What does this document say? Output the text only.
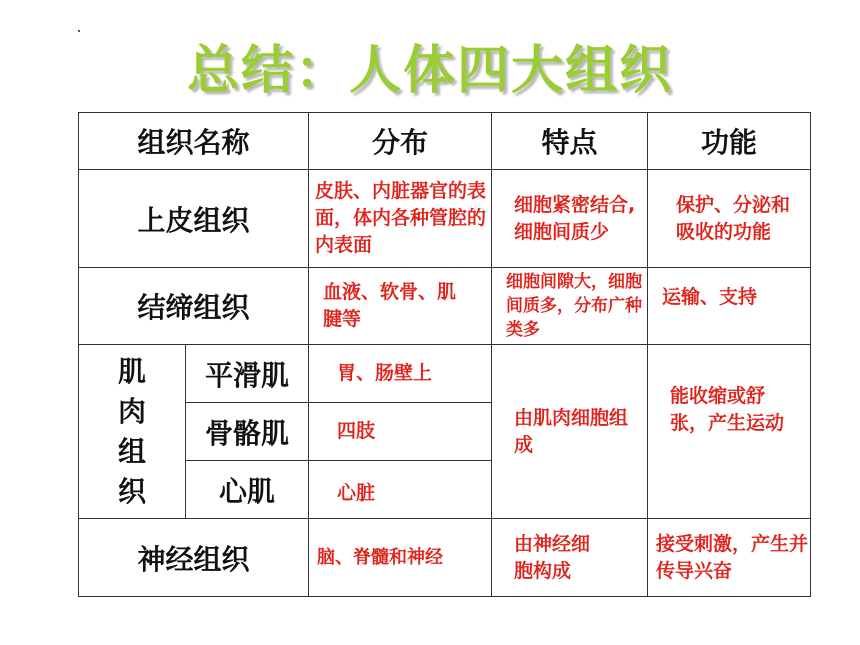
总结：人体四大组织
组织名称		分布	特点	功能
上皮组织		皮肤、内脏器官的表面，体内各种管腔的内表面	细胞紧密结合,细胞间质少	保护、分泌和吸收的功能
结缔组织		血液、软骨、肌腱等	细胞间隙大，细胞间质多，分布广种类多	运输、支持

肌
肉
组
织	平滑肌	胃、肠壁上	由肌肉细胞组成	能收缩或舒张，产生运动
	骨骼肌	四肢		
	心肌	心脏		
神经组织		脑、脊髓和神经	由神经细胞构成	接受刺激，产生并传导兴奋
